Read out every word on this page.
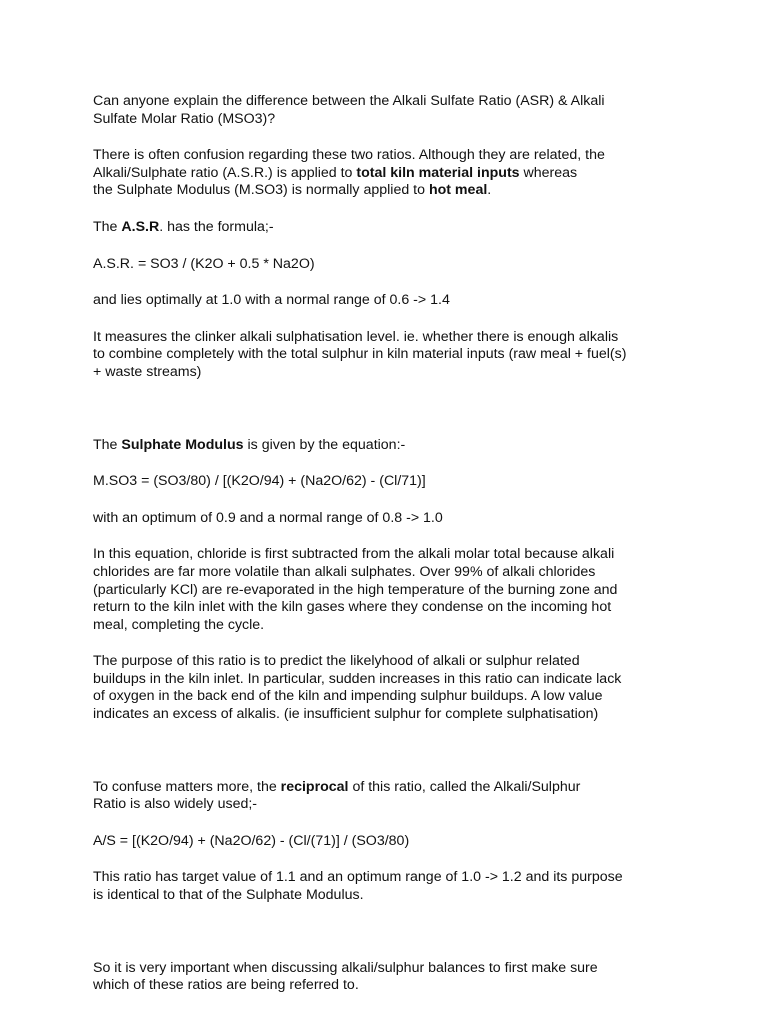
Can anyone explain the difference between the Alkali Sulfate Ratio (ASR) & Alkali

Sulfate Molar Ratio (MSO3)?

There is often confusion regarding these two ratios. Although they are related, the

Alkali/Sulphate ratio (A.S.R.) is applied to total kiln material inputs whereas

the Sulphate Modulus (M.SO3) is normally applied to hot meal.

The A.S.R. has the formula;-

A.S.R. = SO3 / (K2O + 0.5 * Na2O)

and lies optimally at 1.0 with a normal range of 0.6 -> 1.4

It measures the clinker alkali sulphatisation level. ie. whether there is enough alkalis

to combine completely with the total sulphur in kiln material inputs (raw meal + fuel(s)

+ waste streams)

The Sulphate Modulus is given by the equation:-

M.SO3 = (SO3/80) / [(K2O/94) + (Na2O/62) - (Cl/71)]

with an optimum of 0.9 and a normal range of 0.8 -> 1.0

In this equation, chloride is first subtracted from the alkali molar total because alkali

chlorides are far more volatile than alkali sulphates. Over 99% of alkali chlorides

(particularly KCl) are re-evaporated in the high temperature of the burning zone and

return to the kiln inlet with the kiln gases where they condense on the incoming hot

meal, completing the cycle.

The purpose of this ratio is to predict the likelyhood of alkali or sulphur related

buildups in the kiln inlet. In particular, sudden increases in this ratio can indicate lack

of oxygen in the back end of the kiln and impending sulphur buildups. A low value

indicates an excess of alkalis. (ie insufficient sulphur for complete sulphatisation)

To confuse matters more, the reciprocal of this ratio, called the Alkali/Sulphur

Ratio is also widely used;-

A/S = [(K2O/94) + (Na2O/62) - (Cl/(71)] / (SO3/80)

This ratio has target value of 1.1 and an optimum range of 1.0 -> 1.2 and its purpose

is identical to that of the Sulphate Modulus.

So it is very important when discussing alkali/sulphur balances to first make sure

which of these ratios are being referred to.
